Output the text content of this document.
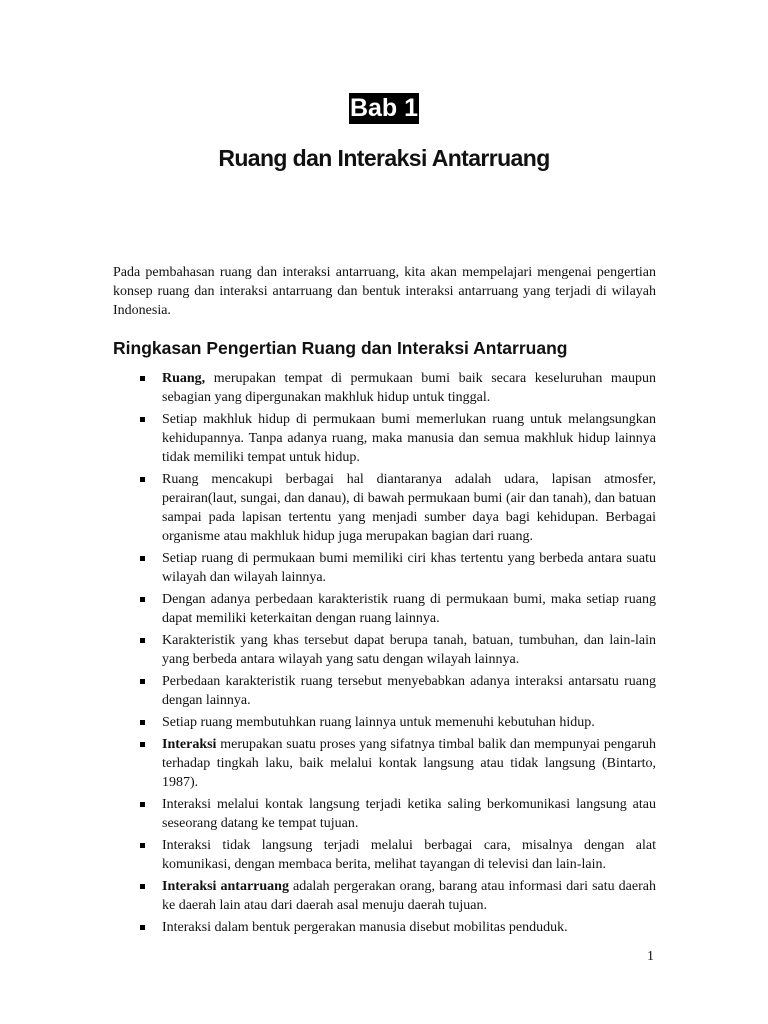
Bab 1
Ruang dan Interaksi Antarruang

Pada pembahasan ruang dan interaksi antarruang, kita akan mempelajari mengenai pengertian konsep ruang dan interaksi antarruang dan bentuk interaksi antarruang yang terjadi di wilayah Indonesia.

Ringkasan Pengertian Ruang dan Interaksi Antarruang
Ruang, merupakan tempat di permukaan bumi baik secara keseluruhan maupun sebagian yang dipergunakan makhluk hidup untuk tinggal.
Setiap makhluk hidup di permukaan bumi memerlukan ruang untuk melangsungkan kehidupannya. Tanpa adanya ruang, maka manusia dan semua makhluk hidup lainnya tidak memiliki tempat untuk hidup.
Ruang mencakupi berbagai hal diantaranya adalah udara, lapisan atmosfer, perairan(laut, sungai, dan danau), di bawah permukaan bumi (air dan tanah), dan batuan sampai pada lapisan tertentu yang menjadi sumber daya bagi kehidupan. Berbagai organisme atau makhluk hidup juga merupakan bagian dari ruang.
Setiap ruang di permukaan bumi memiliki ciri khas tertentu yang berbeda antara suatu wilayah dan wilayah lainnya.
Dengan adanya perbedaan karakteristik ruang di permukaan bumi, maka setiap ruang dapat memiliki keterkaitan dengan ruang lainnya.
Karakteristik yang khas tersebut dapat berupa tanah, batuan, tumbuhan, dan lain-lain yang berbeda antara wilayah yang satu dengan wilayah lainnya.
Perbedaan karakteristik ruang tersebut menyebabkan adanya interaksi antarsatu ruang dengan lainnya.
Setiap ruang membutuhkan ruang lainnya untuk memenuhi kebutuhan hidup.
Interaksi merupakan suatu proses yang sifatnya timbal balik dan mempunyai pengaruh terhadap tingkah laku, baik melalui kontak langsung atau tidak langsung (Bintarto, 1987).
Interaksi melalui kontak langsung terjadi ketika saling berkomunikasi langsung atau seseorang datang ke tempat tujuan.
Interaksi tidak langsung terjadi melalui berbagai cara, misalnya dengan alat komunikasi, dengan membaca berita, melihat tayangan di televisi dan lain-lain.
Interaksi antarruang adalah pergerakan orang, barang atau informasi dari satu daerah ke daerah lain atau dari daerah asal menuju daerah tujuan.
Interaksi dalam bentuk pergerakan manusia disebut mobilitas penduduk.
1
